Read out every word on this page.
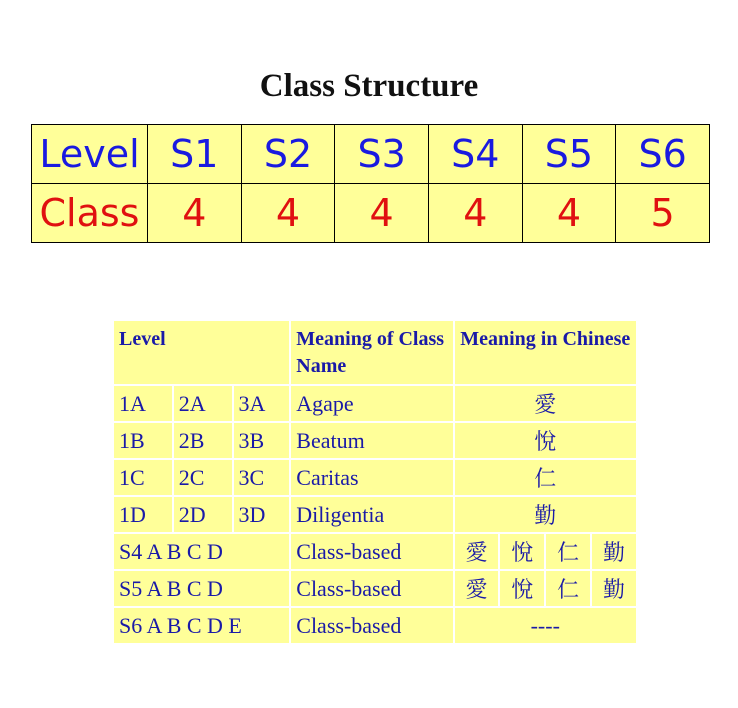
Class Structure
Level	S1	S2	S3	S4	S5	S6
Class	4	4	4	4	4	5
Level			Meaning of Class Name	Meaning in Chinese			
1A	2A	3A	Agape	愛			
1B	2B	3B	Beatum	悅			
1C	2C	3C	Caritas	仁			
1D	2D	3D	Diligentia	勤			
S4 A B C D			Class-based	愛	悅	仁	勤
S5 A B C D			Class-based	愛	悅	仁	勤
S6 A B C D E			Class-based	----			
